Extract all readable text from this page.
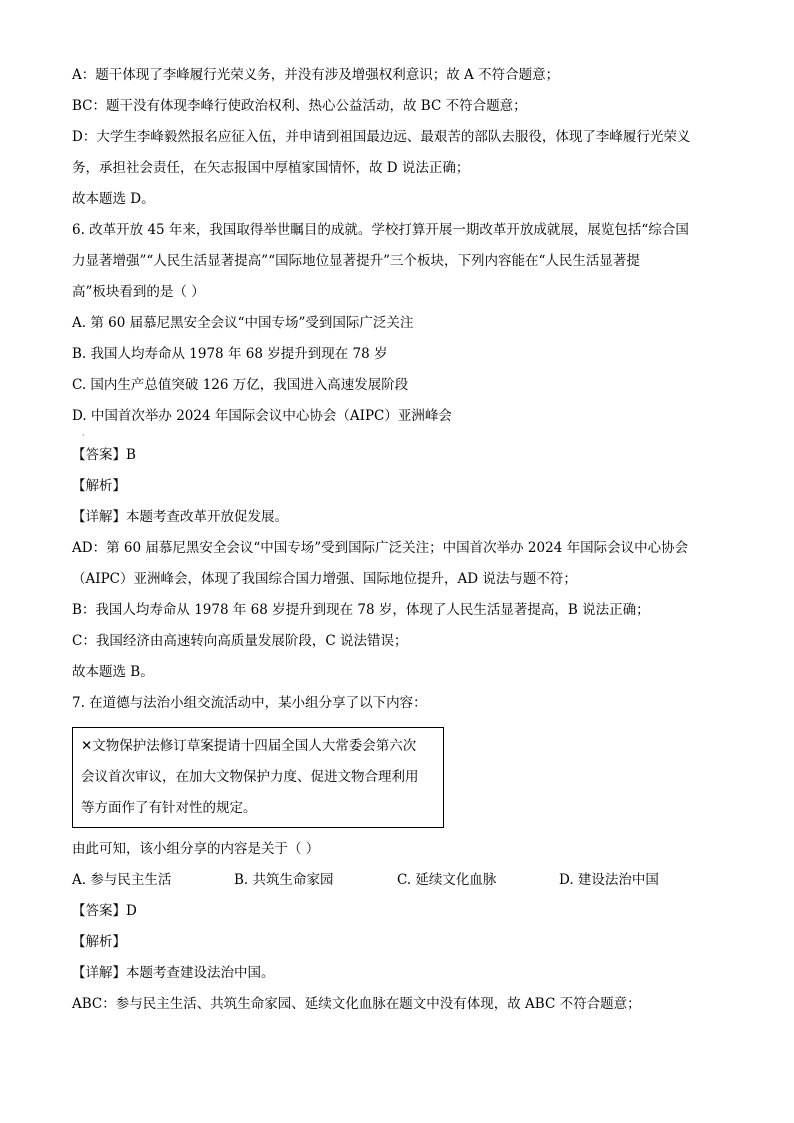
A：题干体现了李峰履行光荣义务，并没有涉及增强权利意识；故 A 不符合题意；
BC：题干没有体现李峰行使政治权利、热心公益活动，故 BC 不符合题意；
D：大学生李峰毅然报名应征入伍，并申请到祖国最边远、最艰苦的部队去服役，体现了李峰履行光荣义
务，承担社会责任，在矢志报国中厚植家国情怀，故 D 说法正确；
故本题选 D。
6. 改革开放 45 年来，我国取得举世瞩目的成就。学校打算开展一期改革开放成就展，展览包括“综合国
力显著增强”“人民生活显著提高”“国际地位显著提升”三个板块，下列内容能在“人民生活显著提
高”板块看到的是（ ）
A. 第 60 届慕尼黑安全会议“中国专场”受到国际广泛关注
B. 我国人均寿命从 1978 年 68 岁提升到现在 78 岁
C. 国内生产总值突破 126 万亿，我国进入高速发展阶段
D. 中国首次举办 2024 年国际会议中心协会（AIPC）亚洲峰会
·
【答案】B
【解析】
【详解】本题考查改革开放促发展。
AD：第 60 届慕尼黑安全会议“中国专场”受到国际广泛关注；中国首次举办 2024 年国际会议中心协会
（AIPC）亚洲峰会，体现了我国综合国力增强、国际地位提升，AD 说法与题不符；
B：我国人均寿命从 1978 年 68 岁提升到现在 78 岁，体现了人民生活显著提高，B 说法正确；
C：我国经济由高速转向高质量发展阶段，C 说法错误；
故本题选 B。
7. 在道德与法治小组交流活动中，某小组分享了以下内容：
✕文物保护法修订草案提请十四届全国人大常委会第六次
会议首次审议，在加大文物保护力度、促进文物合理利用
等方面作了有针对性的规定。
由此可知，该小组分享的内容是关于（ ）
A. 参与民主生活	B. 共筑生命家园	C. 延续文化血脉	D. 建设法治中国
【答案】D
【解析】
【详解】本题考查建设法治中国。
ABC：参与民主生活、共筑生命家园、延续文化血脉在题文中没有体现，故 ABC 不符合题意；
